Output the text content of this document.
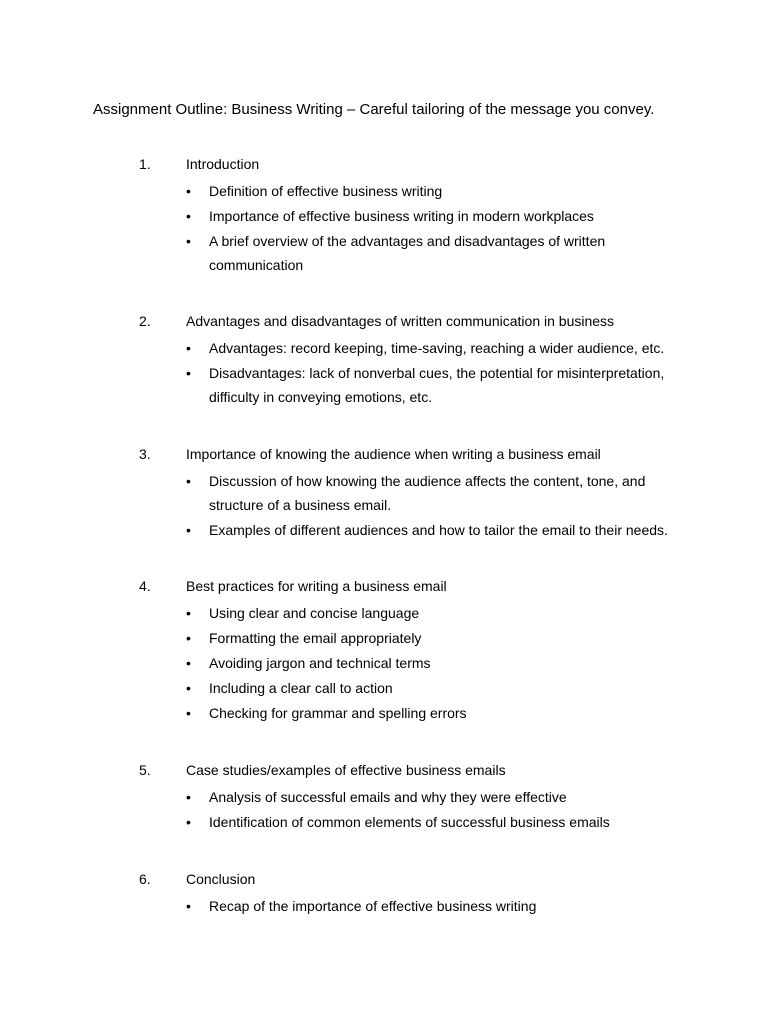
Assignment Outline: Business Writing – Careful tailoring of the message you convey.
1.	Introduction
• Definition of effective business writing
• Importance of effective business writing in modern workplaces
• A brief overview of the advantages and disadvantages of written communication
2.	Advantages and disadvantages of written communication in business
• Advantages: record keeping, time-saving, reaching a wider audience, etc.
• Disadvantages: lack of nonverbal cues, the potential for misinterpretation, difficulty in conveying emotions, etc.
3.	Importance of knowing the audience when writing a business email
• Discussion of how knowing the audience affects the content, tone, and structure of a business email.
• Examples of different audiences and how to tailor the email to their needs.
4.	Best practices for writing a business email
• Using clear and concise language
• Formatting the email appropriately
• Avoiding jargon and technical terms
• Including a clear call to action
• Checking for grammar and spelling errors
5.	Case studies/examples of effective business emails
• Analysis of successful emails and why they were effective
• Identification of common elements of successful business emails
6.	Conclusion
• Recap of the importance of effective business writing
